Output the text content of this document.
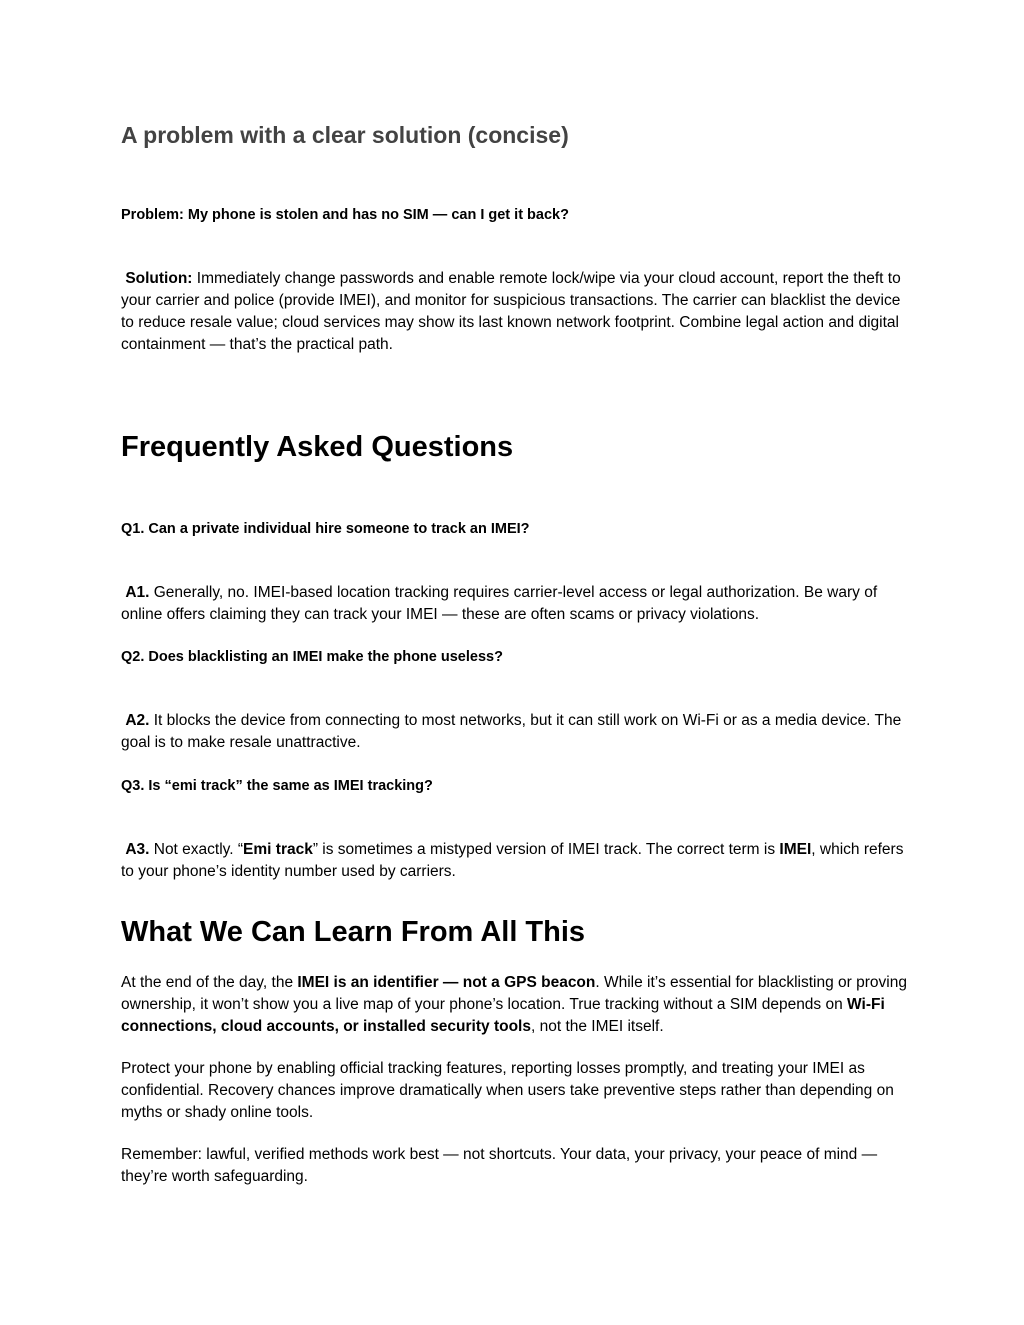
A problem with a clear solution (concise)
Problem: My phone is stolen and has no SIM — can I get it back?
Solution: Immediately change passwords and enable remote lock/wipe via your cloud account, report the theft to your carrier and police (provide IMEI), and monitor for suspicious transactions. The carrier can blacklist the device to reduce resale value; cloud services may show its last known network footprint. Combine legal action and digital containment — that’s the practical path.
Frequently Asked Questions
Q1. Can a private individual hire someone to track an IMEI?
A1. Generally, no. IMEI-based location tracking requires carrier-level access or legal authorization. Be wary of online offers claiming they can track your IMEI — these are often scams or privacy violations.
Q2. Does blacklisting an IMEI make the phone useless?
A2. It blocks the device from connecting to most networks, but it can still work on Wi-Fi or as a media device. The goal is to make resale unattractive.
Q3. Is “emi track” the same as IMEI tracking?
A3. Not exactly. “Emi track” is sometimes a mistyped version of IMEI track. The correct term is IMEI, which refers to your phone’s identity number used by carriers.
What We Can Learn From All This
At the end of the day, the IMEI is an identifier — not a GPS beacon. While it’s essential for blacklisting or proving ownership, it won’t show you a live map of your phone’s location. True tracking without a SIM depends on Wi-Fi connections, cloud accounts, or installed security tools, not the IMEI itself.
Protect your phone by enabling official tracking features, reporting losses promptly, and treating your IMEI as confidential. Recovery chances improve dramatically when users take preventive steps rather than depending on myths or shady online tools.
Remember: lawful, verified methods work best — not shortcuts. Your data, your privacy, your peace of mind — they’re worth safeguarding.
